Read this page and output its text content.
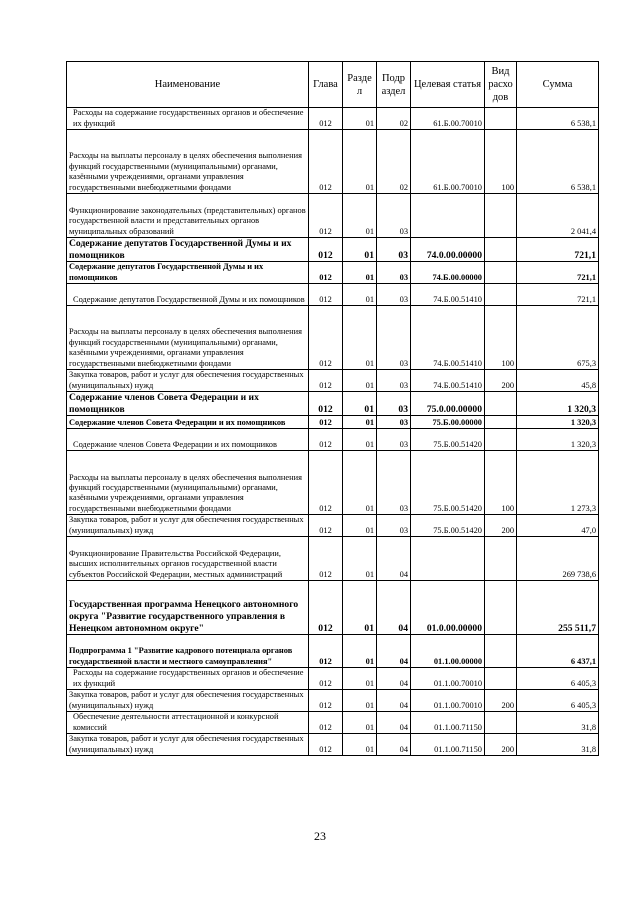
Наименование	Глава	Разде л	Подр аздел	Целевая статья	Вид расхо дов	Сумма
Расходы на содержание государственных органов и обеспечение их функций	012	01	02	61.Б.00.70010		6 538,1
Расходы на выплаты персоналу в целях обеспечения выполнения функций государственными (муниципальными) органами, казёнными учреждениями, органами управления государственными внебюджетными фондами	012	01	02	61.Б.00.70010	100	6 538,1
Функционирование законодательных (представительных) органов государственной власти и представительных органов муниципальных образований	012	01	03			2 041,4
Содержание депутатов Государственной Думы и их помощников	012	01	03	74.0.00.00000		721,1
Содержание депутатов Государственной Думы и их помощников	012	01	03	74.Б.00.00000		721,1
Содержание депутатов Государственной Думы и их помощников	012	01	03	74.Б.00.51410		721,1
Расходы на выплаты персоналу в целях обеспечения выполнения функций государственными (муниципальными) органами, казёнными учреждениями, органами управления государственными внебюджетными фондами	012	01	03	74.Б.00.51410	100	675,3
Закупка товаров, работ и услуг для обеспечения государственных (муниципальных) нужд	012	01	03	74.Б.00.51410	200	45,8
Содержание членов Совета Федерации и их помощников	012	01	03	75.0.00.00000		1 320,3
Содержание членов Совета Федерации и их помощников	012	01	03	75.Б.00.00000		1 320,3
Содержание членов Совета Федерации и их помощников	012	01	03	75.Б.00.51420		1 320,3
Расходы на выплаты персоналу в целях обеспечения выполнения функций государственными (муниципальными) органами, казёнными учреждениями, органами управления государственными внебюджетными фондами	012	01	03	75.Б.00.51420	100	1 273,3
Закупка товаров, работ и услуг для обеспечения государственных (муниципальных) нужд	012	01	03	75.Б.00.51420	200	47,0
Функционирование Правительства Российской Федерации, высших исполнительных органов государственной власти субъектов Российской Федерации, местных администраций	012	01	04			269 738,6
Государственная программа Ненецкого автономного округа "Развитие государственного управления в Ненецком автономном округе"	012	01	04	01.0.00.00000		255 511,7
Подпрограмма 1 "Развитие кадрового потенциала органов государственной власти и местного самоуправления"	012	01	04	01.1.00.00000		6 437,1
Расходы на содержание государственных органов и обеспечение их функций	012	01	04	01.1.00.70010		6 405,3
Закупка товаров, работ и услуг для обеспечения государственных (муниципальных) нужд	012	01	04	01.1.00.70010	200	6 405,3
Обеспечение деятельности аттестационной и конкурсной комиссий	012	01	04	01.1.00.71150		31,8
Закупка товаров, работ и услуг для обеспечения государственных (муниципальных) нужд	012	01	04	01.1.00.71150	200	31,8
23
